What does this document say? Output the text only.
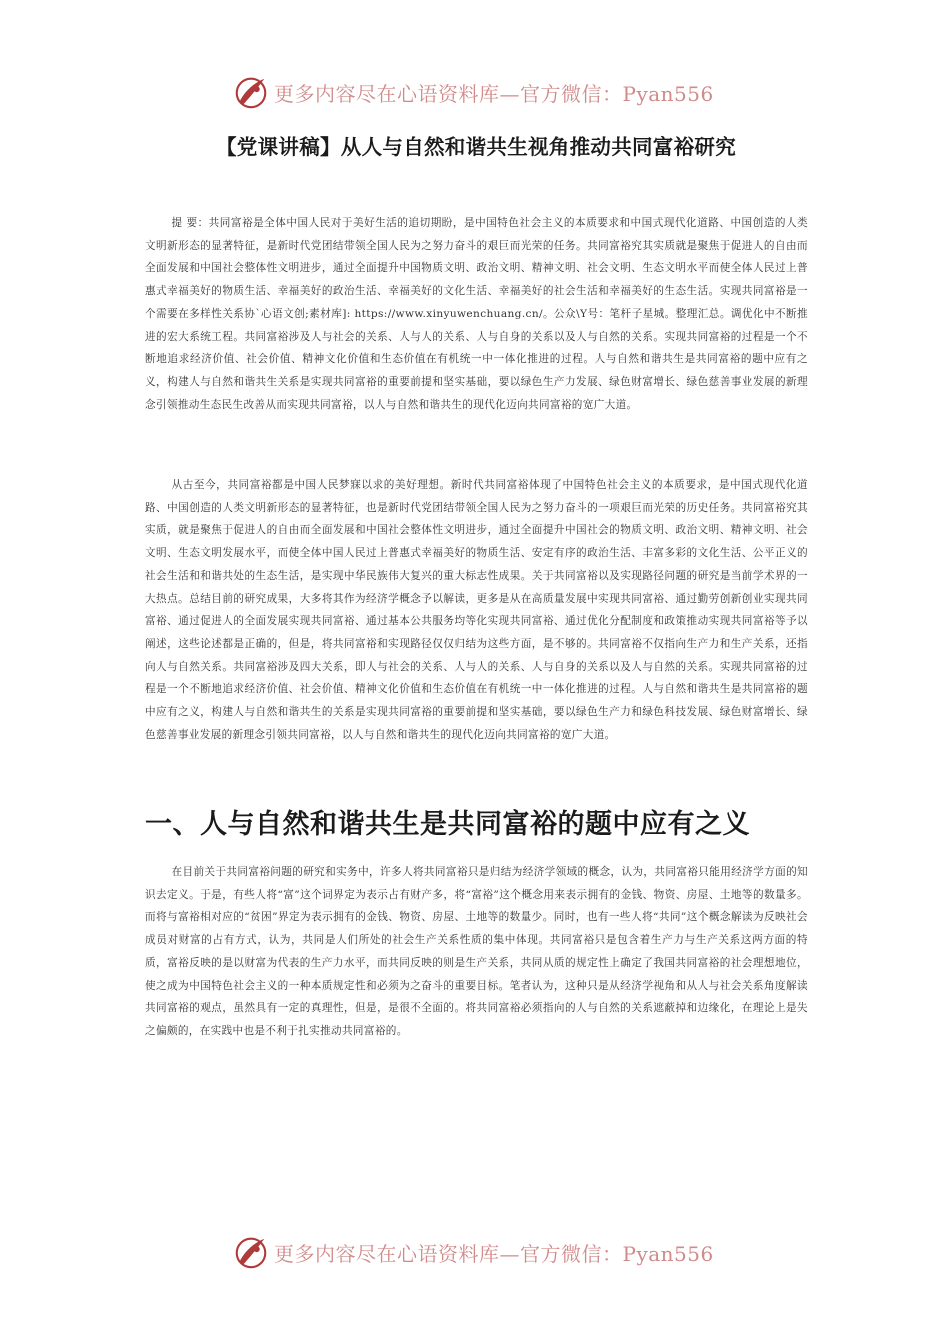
更多内容尽在心语资料库—官方微信：Pyan556
【党课讲稿】从人与自然和谐共生视角推动共同富裕研究

提 要：共同富裕是全体中国人民对于美好生活的追切期盼，是中国特色社会主义的本质要求和中国式现代化道路、中国创造的人类文明新形态的显著特征，是新时代党团结带领全国人民为之努力奋斗的艰巨而光荣的任务。共同富裕究其实质就是聚焦于促进人的自由而全面发展和中国社会整体性文明进步，通过全面提升中国物质文明、政治文明、精神文明、社会文明、生态文明水平而使全体人民过上普惠式幸福美好的物质生活、幸福美好的政治生活、幸福美好的文化生活、幸福美好的社会生活和幸福美好的生态生活。实现共同富裕是一个需要在多样性关系协`心语文创;素材库]: https://www.xinyuwenchuang.cn/。公众\Y号：笔杆子星城。整理汇总。调优化中不断推进的宏大系统工程。共同富裕涉及人与社会的关系、人与人的关系、人与自身的关系以及人与自然的关系。实现共同富裕的过程是一个不断地追求经济价值、社会价值、精神文化价值和生态价值在有机统一中一体化推进的过程。人与自然和谐共生是共同富裕的题中应有之义，构建人与自然和谐共生关系是实现共同富裕的重要前提和坚实基础，要以绿色生产力发展、绿色财富增长、绿色慈善事业发展的新理念引领推动生态民生改善从而实现共同富裕，以人与自然和谐共生的现代化迈向共同富裕的宽广大道。

从古至今，共同富裕都是中国人民梦寐以求的美好理想。新时代共同富裕体现了中国特色社会主义的本质要求，是中国式现代化道路、中国创造的人类文明新形态的显著特征，也是新时代党团结带领全国人民为之努力奋斗的一项艰巨而光荣的历史任务。共同富裕究其实质，就是聚焦于促进人的自由而全面发展和中国社会整体性文明进步，通过全面提升中国社会的物质文明、政治文明、精神文明、社会文明、生态文明发展水平，而使全体中国人民过上普惠式幸福美好的物质生活、安定有序的政治生活、丰富多彩的文化生活、公平正义的社会生活和和谐共处的生态生活，是实现中华民族伟大复兴的重大标志性成果。关于共同富裕以及实现路径问题的研究是当前学术界的一大热点。总结目前的研究成果，大多将其作为经济学概念予以解读，更多是从在高质量发展中实现共同富裕、通过勤劳创新创业实现共同富裕、通过促进人的全面发展实现共同富裕、通过基本公共服务均等化实现共同富裕、通过优化分配制度和政策推动实现共同富裕等予以阐述，这些论述都是正确的，但是，将共同富裕和实现路径仅仅归结为这些方面，是不够的。共同富裕不仅指向生产力和生产关系，还指向人与自然关系。共同富裕涉及四大关系，即人与社会的关系、人与人的关系、人与自身的关系以及人与自然的关系。实现共同富裕的过程是一个不断地追求经济价值、社会价值、精神文化价值和生态价值在有机统一中一体化推进的过程。人与自然和谐共生是共同富裕的题中应有之义，构建人与自然和谐共生的关系是实现共同富裕的重要前提和坚实基础，要以绿色生产力和绿色科技发展、绿色财富增长、绿色慈善事业发展的新理念引领共同富裕，以人与自然和谐共生的现代化迈向共同富裕的宽广大道。

一、人与自然和谐共生是共同富裕的题中应有之义

在目前关于共同富裕问题的研究和实务中，许多人将共同富裕只是归结为经济学领域的概念，认为，共同富裕只能用经济学方面的知识去定义。于是，有些人将“富”这个词界定为表示占有财产多，将“富裕”这个概念用来表示拥有的金钱、物资、房屋、土地等的数量多。而将与富裕相对应的“贫困”界定为表示拥有的金钱、物资、房屋、土地等的数量少。同时，也有一些人将“共同”这个概念解读为反映社会成员对财富的占有方式，认为，共同是人们所处的社会生产关系性质的集中体现。共同富裕只是包含着生产力与生产关系这两方面的特质，富裕反映的是以财富为代表的生产力水平，而共同反映的则是生产关系，共同从质的规定性上确定了我国共同富裕的社会理想地位，使之成为中国特色社会主义的一种本质规定性和必须为之奋斗的重要目标。笔者认为，这种只是从经济学视角和从人与社会关系角度解读共同富裕的观点，虽然具有一定的真理性，但是，是很不全面的。将共同富裕必须指向的人与自然的关系遮蔽掉和边缘化，在理论上是失之偏颇的，在实践中也是不利于扎实推动共同富裕的。

更多内容尽在心语资料库—官方微信：Pyan556
